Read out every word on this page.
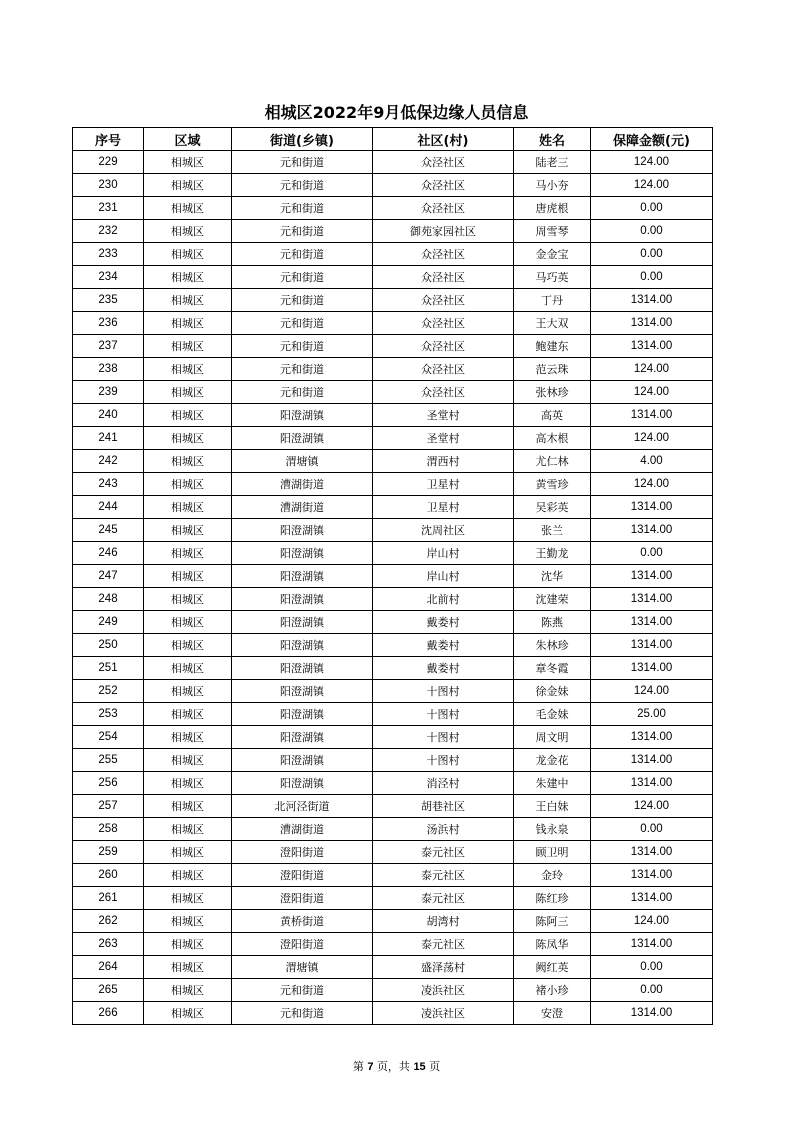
相城区2022年9月低保边缘人员信息
序号	区域	街道(乡镇)	社区(村)	姓名	保障金额(元)
229	相城区	元和街道	众泾社区	陆老三	124.00
230	相城区	元和街道	众泾社区	马小夯	124.00
231	相城区	元和街道	众泾社区	唐虎根	0.00
232	相城区	元和街道	御苑家园社区	周雪琴	0.00
233	相城区	元和街道	众泾社区	金金宝	0.00
234	相城区	元和街道	众泾社区	马巧英	0.00
235	相城区	元和街道	众泾社区	丁丹	1314.00
236	相城区	元和街道	众泾社区	王大双	1314.00
237	相城区	元和街道	众泾社区	鲍建东	1314.00
238	相城区	元和街道	众泾社区	范云珠	124.00
239	相城区	元和街道	众泾社区	张林珍	124.00
240	相城区	阳澄湖镇	圣堂村	高英	1314.00
241	相城区	阳澄湖镇	圣堂村	高木根	124.00
242	相城区	渭塘镇	渭西村	尤仁林	4.00
243	相城区	漕湖街道	卫星村	黄雪珍	124.00
244	相城区	漕湖街道	卫星村	吴彩英	1314.00
245	相城区	阳澄湖镇	沈周社区	张兰	1314.00
246	相城区	阳澄湖镇	岸山村	王勤龙	0.00
247	相城区	阳澄湖镇	岸山村	沈华	1314.00
248	相城区	阳澄湖镇	北前村	沈建荣	1314.00
249	相城区	阳澄湖镇	戴娄村	陈燕	1314.00
250	相城区	阳澄湖镇	戴娄村	朱林珍	1314.00
251	相城区	阳澄湖镇	戴娄村	章冬霞	1314.00
252	相城区	阳澄湖镇	十图村	徐金妹	124.00
253	相城区	阳澄湖镇	十图村	毛金妹	25.00
254	相城区	阳澄湖镇	十图村	周文明	1314.00
255	相城区	阳澄湖镇	十图村	龙金花	1314.00
256	相城区	阳澄湖镇	消泾村	朱建中	1314.00
257	相城区	北河泾街道	胡巷社区	王白妹	124.00
258	相城区	漕湖街道	汤浜村	钱永泉	0.00
259	相城区	澄阳街道	泰元社区	顾卫明	1314.00
260	相城区	澄阳街道	泰元社区	金玲	1314.00
261	相城区	澄阳街道	泰元社区	陈红珍	1314.00
262	相城区	黄桥街道	胡湾村	陈阿三	124.00
263	相城区	澄阳街道	泰元社区	陈凤华	1314.00
264	相城区	渭塘镇	盛泽荡村	阙红英	0.00
265	相城区	元和街道	凌浜社区	褚小珍	0.00
266	相城区	元和街道	凌浜社区	安澄	1314.00
第 7 页，共 15 页
